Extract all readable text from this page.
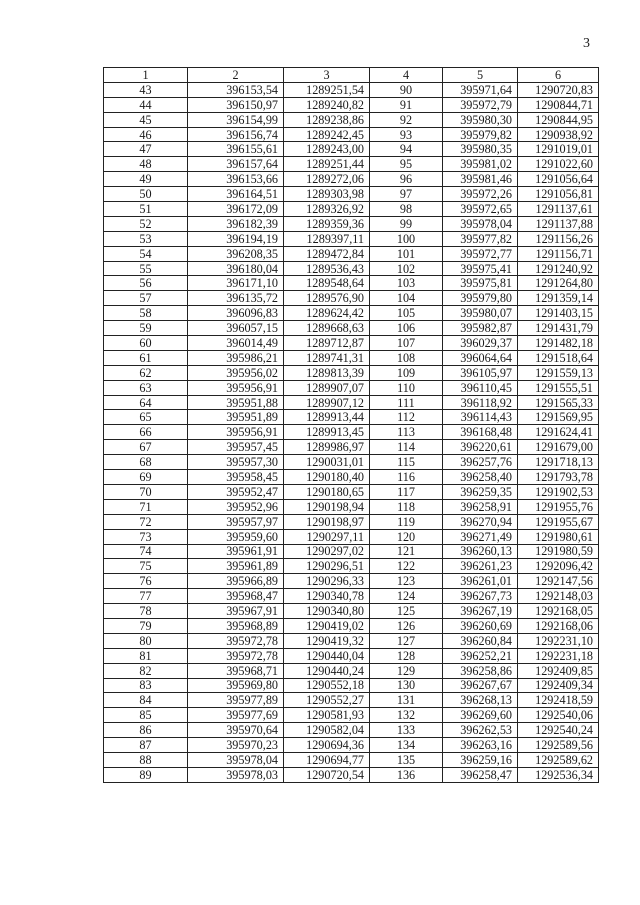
3
1	2	3	4	5	6
43	396153,54	1289251,54	90	395971,64	1290720,83
44	396150,97	1289240,82	91	395972,79	1290844,71
45	396154,99	1289238,86	92	395980,30	1290844,95
46	396156,74	1289242,45	93	395979,82	1290938,92
47	396155,61	1289243,00	94	395980,35	1291019,01
48	396157,64	1289251,44	95	395981,02	1291022,60
49	396153,66	1289272,06	96	395981,46	1291056,64
50	396164,51	1289303,98	97	395972,26	1291056,81
51	396172,09	1289326,92	98	395972,65	1291137,61
52	396182,39	1289359,36	99	395978,04	1291137,88
53	396194,19	1289397,11	100	395977,82	1291156,26
54	396208,35	1289472,84	101	395972,77	1291156,71
55	396180,04	1289536,43	102	395975,41	1291240,92
56	396171,10	1289548,64	103	395975,81	1291264,80
57	396135,72	1289576,90	104	395979,80	1291359,14
58	396096,83	1289624,42	105	395980,07	1291403,15
59	396057,15	1289668,63	106	395982,87	1291431,79
60	396014,49	1289712,87	107	396029,37	1291482,18
61	395986,21	1289741,31	108	396064,64	1291518,64
62	395956,02	1289813,39	109	396105,97	1291559,13
63	395956,91	1289907,07	110	396110,45	1291555,51
64	395951,88	1289907,12	111	396118,92	1291565,33
65	395951,89	1289913,44	112	396114,43	1291569,95
66	395956,91	1289913,45	113	396168,48	1291624,41
67	395957,45	1289986,97	114	396220,61	1291679,00
68	395957,30	1290031,01	115	396257,76	1291718,13
69	395958,45	1290180,40	116	396258,40	1291793,78
70	395952,47	1290180,65	117	396259,35	1291902,53
71	395952,96	1290198,94	118	396258,91	1291955,76
72	395957,97	1290198,97	119	396270,94	1291955,67
73	395959,60	1290297,11	120	396271,49	1291980,61
74	395961,91	1290297,02	121	396260,13	1291980,59
75	395961,89	1290296,51	122	396261,23	1292096,42
76	395966,89	1290296,33	123	396261,01	1292147,56
77	395968,47	1290340,78	124	396267,73	1292148,03
78	395967,91	1290340,80	125	396267,19	1292168,05
79	395968,89	1290419,02	126	396260,69	1292168,06
80	395972,78	1290419,32	127	396260,84	1292231,10
81	395972,78	1290440,04	128	396252,21	1292231,18
82	395968,71	1290440,24	129	396258,86	1292409,85
83	395969,80	1290552,18	130	396267,67	1292409,34
84	395977,89	1290552,27	131	396268,13	1292418,59
85	395977,69	1290581,93	132	396269,60	1292540,06
86	395970,64	1290582,04	133	396262,53	1292540,24
87	395970,23	1290694,36	134	396263,16	1292589,56
88	395978,04	1290694,77	135	396259,16	1292589,62
89	395978,03	1290720,54	136	396258,47	1292536,34
